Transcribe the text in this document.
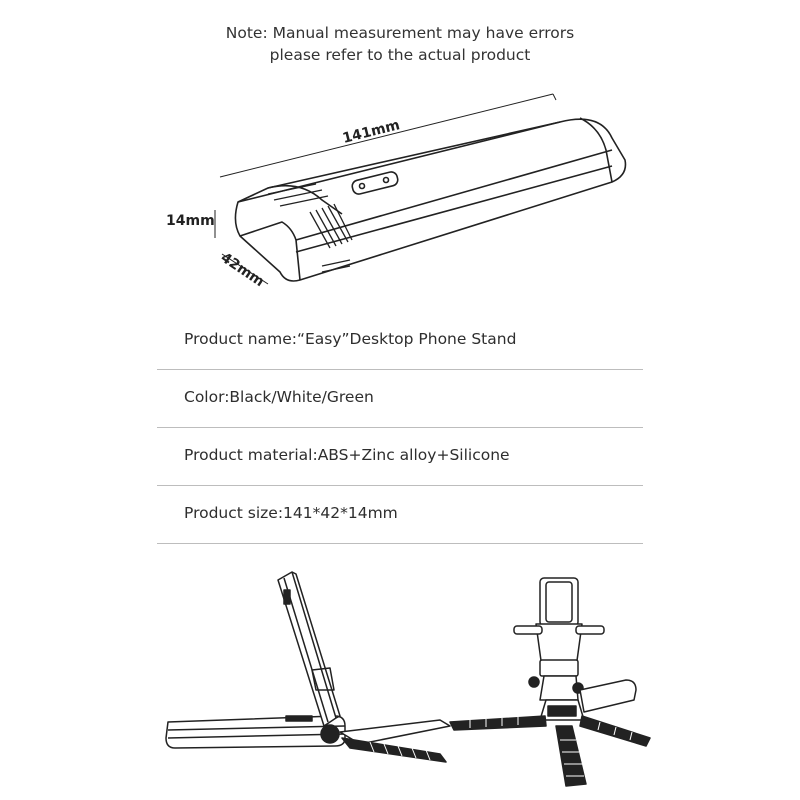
Note: Manual measurement may have errors
please refer to the actual product
141mm
14mm
42mm
Product name:“Easy”Desktop Phone Stand
Color:Black/White/Green
Product material:ABS+Zinc alloy+Silicone
Product size:141*42*14mm
